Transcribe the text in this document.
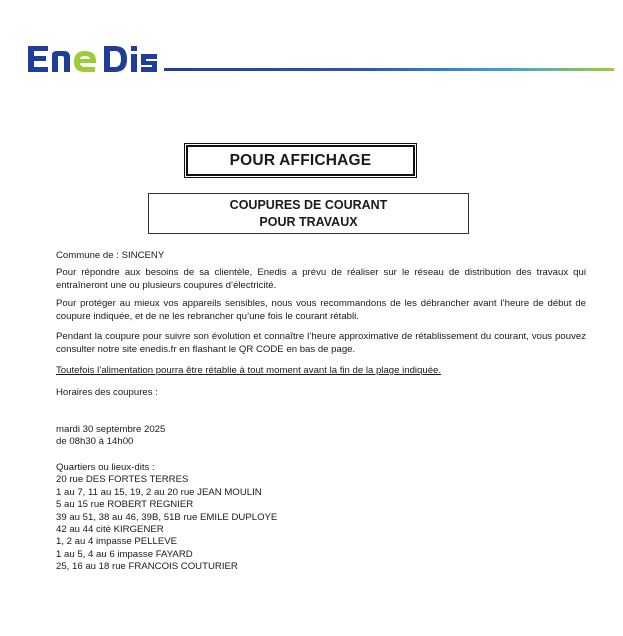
POUR AFFICHAGE
COUPURES DE COURANT
POUR TRAVAUX
Commune de : SINCENY
Pour répondre aux besoins de sa clientèle, Enedis a prévu de réaliser sur le réseau de distribution des travaux qui entraîneront une ou plusieurs coupures d’électricité.
Pour protéger au mieux vos appareils sensibles, nous vous recommandons de les débrancher avant l’heure de début de coupure indiquée, et de ne les rebrancher qu’une fois le courant rétabli.
Pendant la coupure pour suivre son évolution et connaître l’heure approximative de rétablissement du courant, vous pouvez consulter notre site enedis.fr en flashant le QR CODE en bas de page.
Toutefois l’alimentation pourra être rétablie à tout moment avant la fin de la plage indiquée.
Horaires des coupures :
mardi 30 septembre 2025
de 08h30 à 14h00
Quartiers ou lieux-dits :
20 rue DES FORTES TERRES
1 au 7, 11 au 15, 19, 2 au 20 rue JEAN MOULIN
5 au 15 rue ROBERT REGNIER
39 au 51, 38 au 46, 39B, 51B rue EMILE DUPLOYE
42 au 44 cité KIRGENER
1, 2 au 4 impasse PELLEVE
1 au 5, 4 au 6 impasse FAYARD
25, 16 au 18 rue FRANCOIS COUTURIER
